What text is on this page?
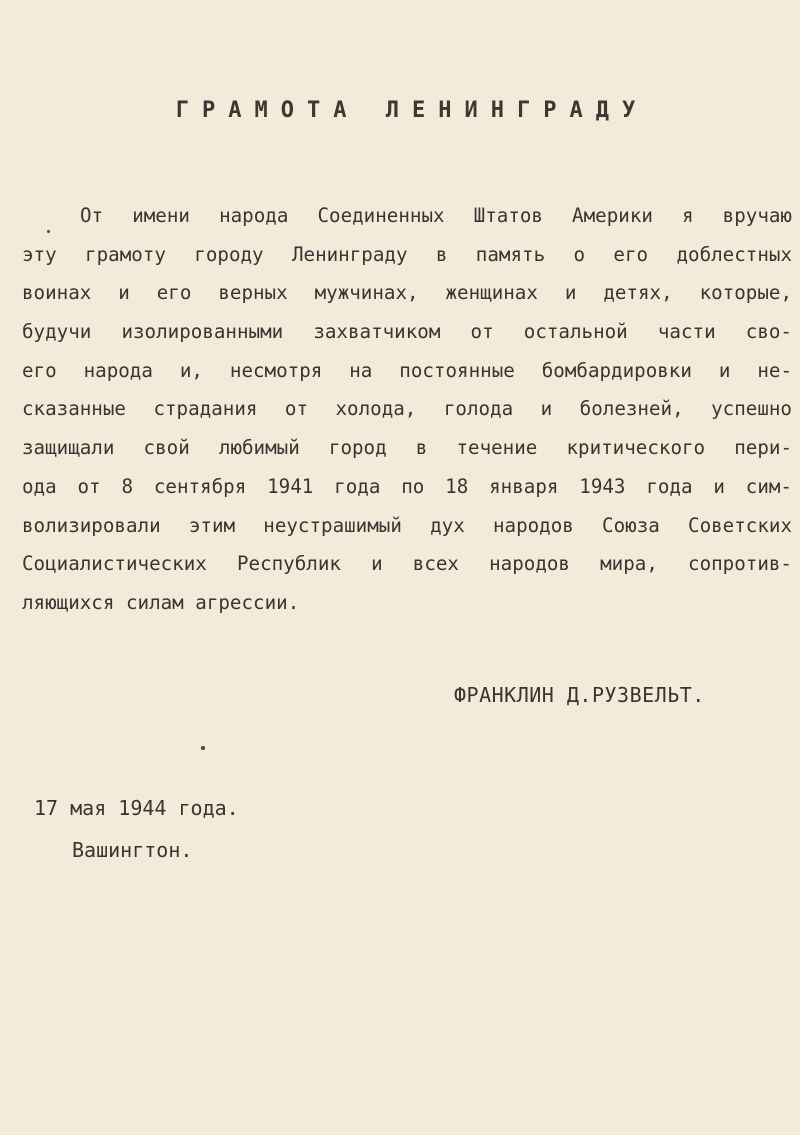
ГРАМОТА ЛЕНИНГРАДУ
От имени народа Соединенных Штатов Америки я вручаю
эту грамоту городу Ленинграду в память о его доблестных
воинах и его верных мужчинах, женщинах и детях, которые,
будучи изолированными захватчиком от остальной части сво-
его народа и, несмотря на постоянные бомбардировки и не-
сказанные страдания от холода, голода и болезней, успешно
защищали свой любимый город в течение критического пери-
ода от 8 сентября 1941 года по 18 января 1943 года и сим-
волизировали этим неустрашимый дух народов Союза Советских
Социалистических Республик и всех народов мира, сопротив-
ляющихся силам агрессии.

ФРАНКЛИН Д.РУЗВЕЛЬТ.

17 мая 1944 года.

Вашингтон.
